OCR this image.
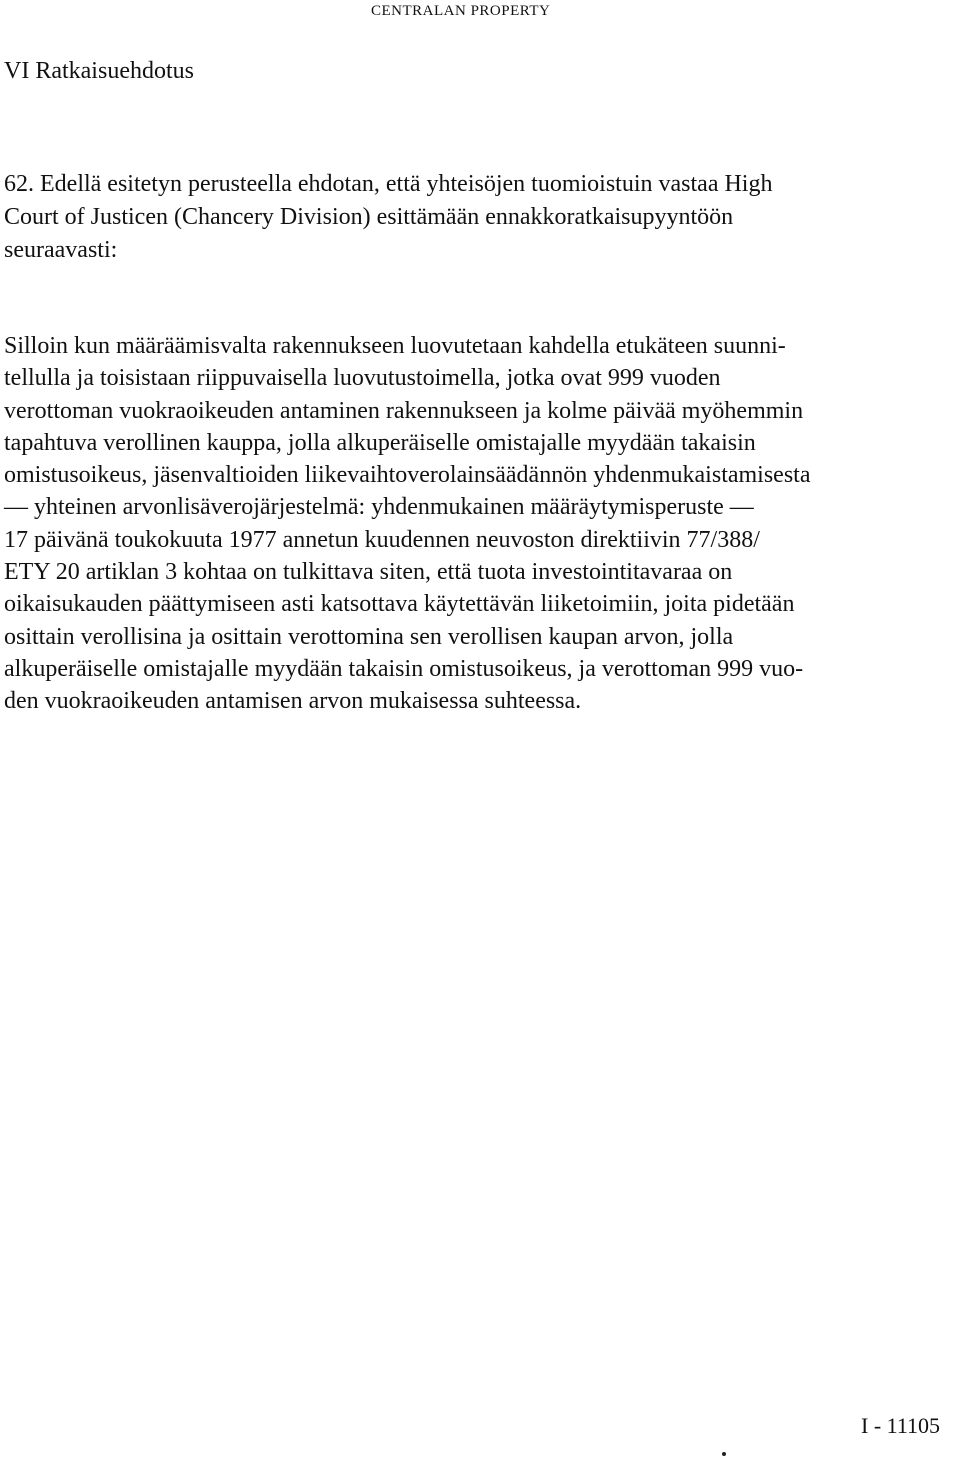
CENTRALAN PROPERTY
VI Ratkaisuehdotus

62. Edellä esitetyn perusteella ehdotan, että yhteisöjen tuomioistuin vastaa High
Court of Justicen (Chancery Division) esittämään ennakkoratkaisupyyntöön
seuraavasti:

Silloin kun määräämisvalta rakennukseen luovutetaan kahdella etukäteen suunni-
tellulla ja toisistaan riippuvaisella luovutustoimella, jotka ovat 999 vuoden
verottoman vuokraoikeuden antaminen rakennukseen ja kolme päivää myöhemmin
tapahtuva verollinen kauppa, jolla alkuperäiselle omistajalle myydään takaisin
omistusoikeus, jäsenvaltioiden liikevaihtoverolainsäädännön yhdenmukaistamisesta
— yhteinen arvonlisäverojärjestelmä: yhdenmukainen määräytymisperuste —
17 päivänä toukokuuta 1977 annetun kuudennen neuvoston direktiivin 77/388/
ETY 20 artiklan 3 kohtaa on tulkittava siten, että tuota investointitavaraa on
oikaisukauden päättymiseen asti katsottava käytettävän liiketoimiin, joita pidetään
osittain verollisina ja osittain verottomina sen verollisen kaupan arvon, jolla
alkuperäiselle omistajalle myydään takaisin omistusoikeus, ja verottoman 999 vuo-
den vuokraoikeuden antamisen arvon mukaisessa suhteessa.

I - 11105
